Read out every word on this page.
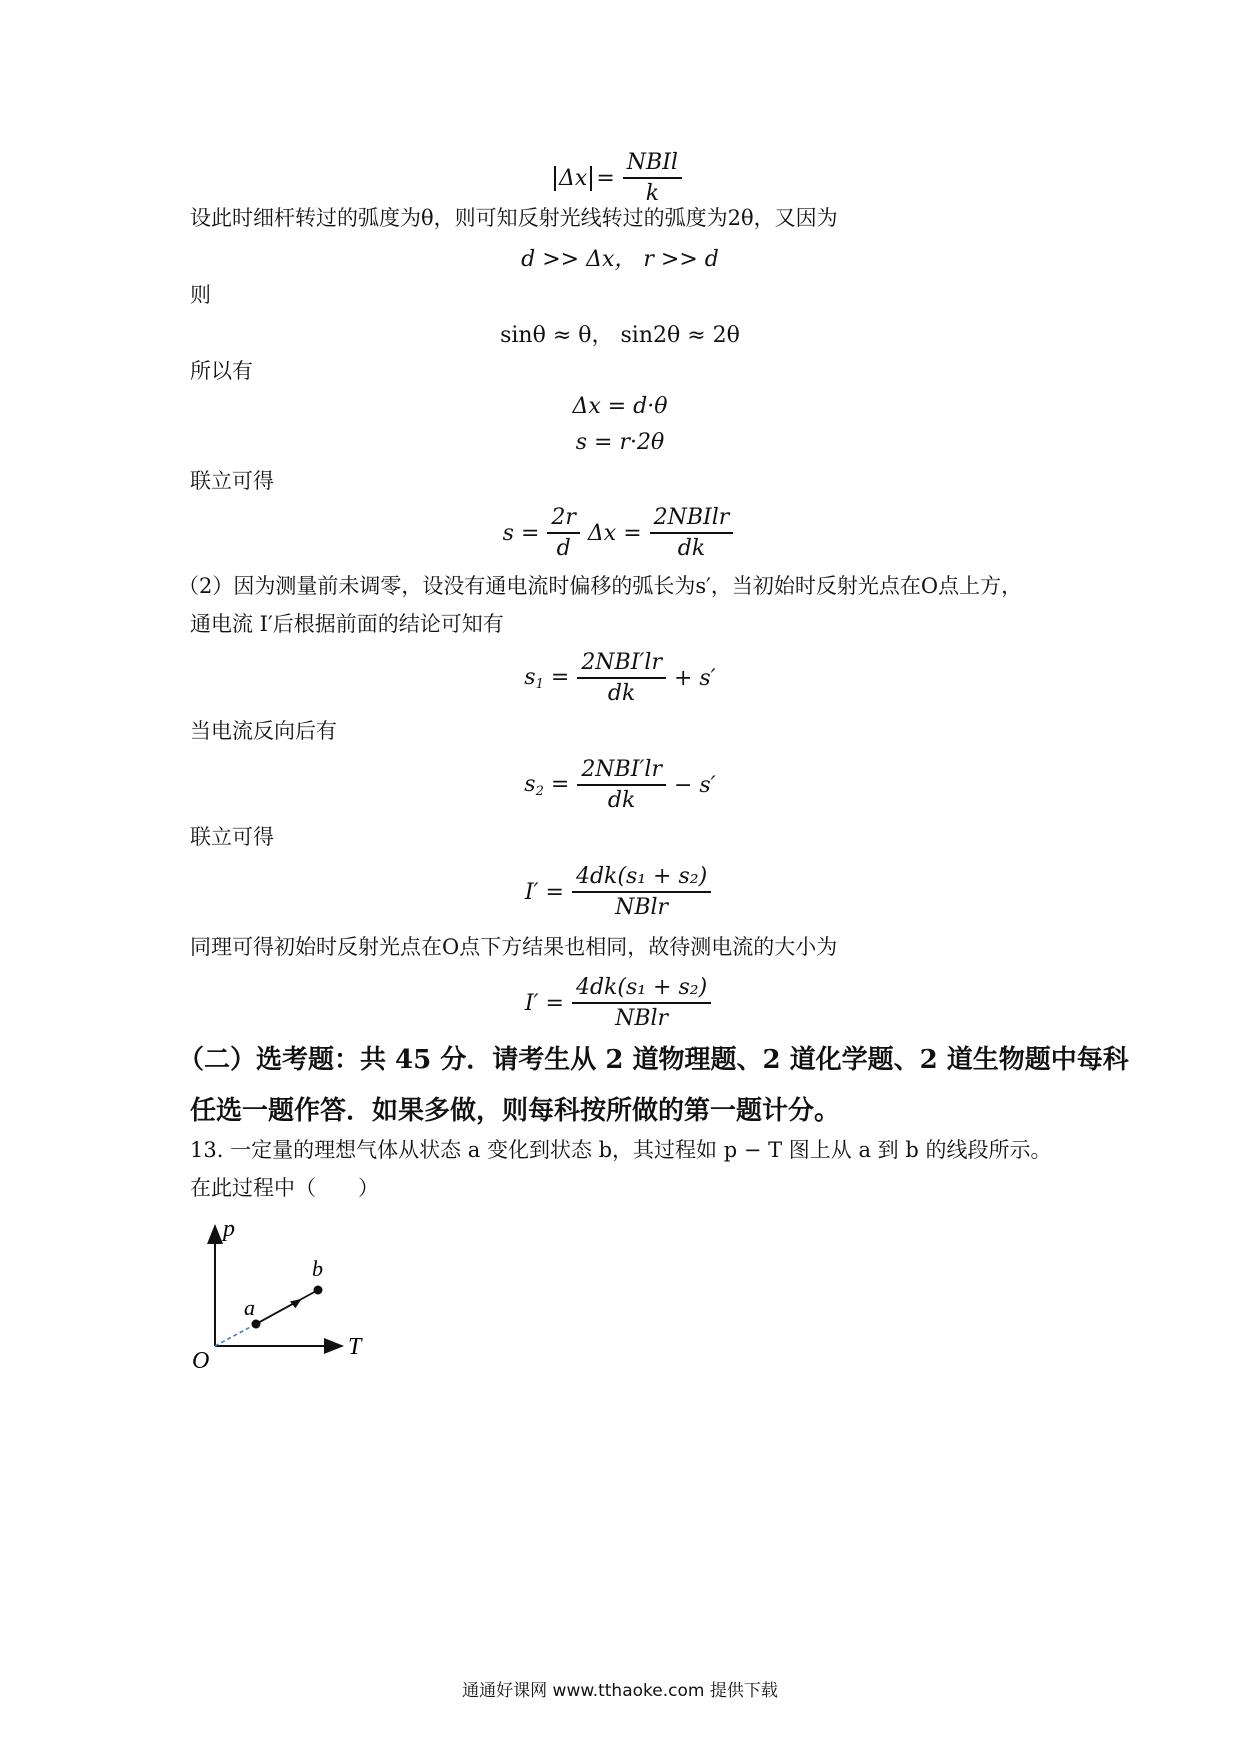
$\Delta x = \frac{\text{NBIl}}{k}$
设此时细杆转过的弧度为θ，则可知反射光线转过的弧度为2θ，又因为
d >> Δx， r >> d
则
sinθ ≈ θ， sin2θ ≈ 2θ
所以有
Δx = d·θ
s = r·2θ
联立可得
$s = \frac{2r}{d}$ $\Delta x = \frac{\text{2NBIlr}}{dk}$
（2）因为测量前未调零，设没有通电流时偏移的弧长为s′，当初始时反射光点在O点上方，
通电流 I′后根据前面的结论可知有
$s_1 = \frac{\text{2NBI′lr}}{dk} + s'$
当电流反向后有
$s_2 = \frac{\text{2NBI′lr}}{dk} - s'$
联立可得
$I' = \frac{\text{4dk(s₁ + s₂)}}{\text{NBlr}}$
同理可得初始时反射光点在O点下方结果也相同，故待测电流的大小为
$I' = \frac{\text{4dk(s₁ + s₂)}}{\text{NBlr}}$
（二）选考题：共 45 分．请考生从 2 道物理题、2 道化学题、2 道生物题中每科
任选一题作答．如果多做，则每科按所做的第一题计分。
13. 一定量的理想气体从状态 a 变化到状态 b，其过程如 p − T 图上从 a 到 b 的线段所示。
在此过程中（　　）
p
T
O
a
b
通通好课网 www.tthaoke.com 提供下载
